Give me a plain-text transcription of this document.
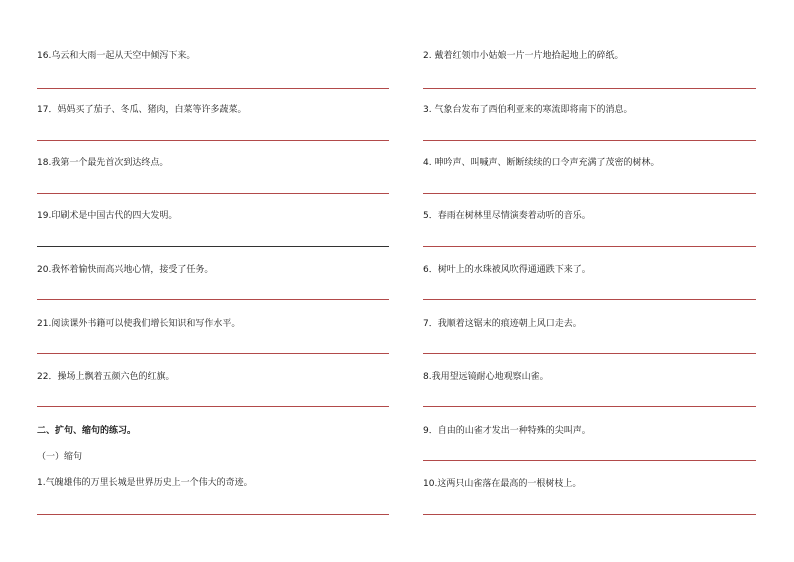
16.乌云和大雨一起从天空中倾泻下来。
17．妈妈买了茄子、冬瓜、猪肉，白菜等许多蔬菜。
18.我第一个最先首次到达终点。
19.印刷术是中国古代的四大发明。
20.我怀着愉快而高兴地心情，接受了任务。
21.阅读课外书籍可以使我们增长知识和写作水平。
22．操场上飘着五颜六色的红旗。
二、扩句、缩句的练习。
（一）缩句
1.气魄雄伟的万里长城是世界历史上一个伟大的奇迹。
2. 戴着红领巾小姑娘一片一片地拾起地上的碎纸。
3. 气象台发布了西伯利亚来的寒流即将南下的消息。
4. 呻吟声、叫喊声、断断续续的口令声充满了茂密的树林。
5．春雨在树林里尽情演奏着动听的音乐。
6．树叶上的水珠被风吹得通通跌下来了。
7．我顺着这锯末的痕迹朝上风口走去。
8.我用望远镜耐心地观察山雀。
9．自由的山雀才发出一种特殊的尖叫声。
10.这两只山雀落在最高的一根树枝上。
